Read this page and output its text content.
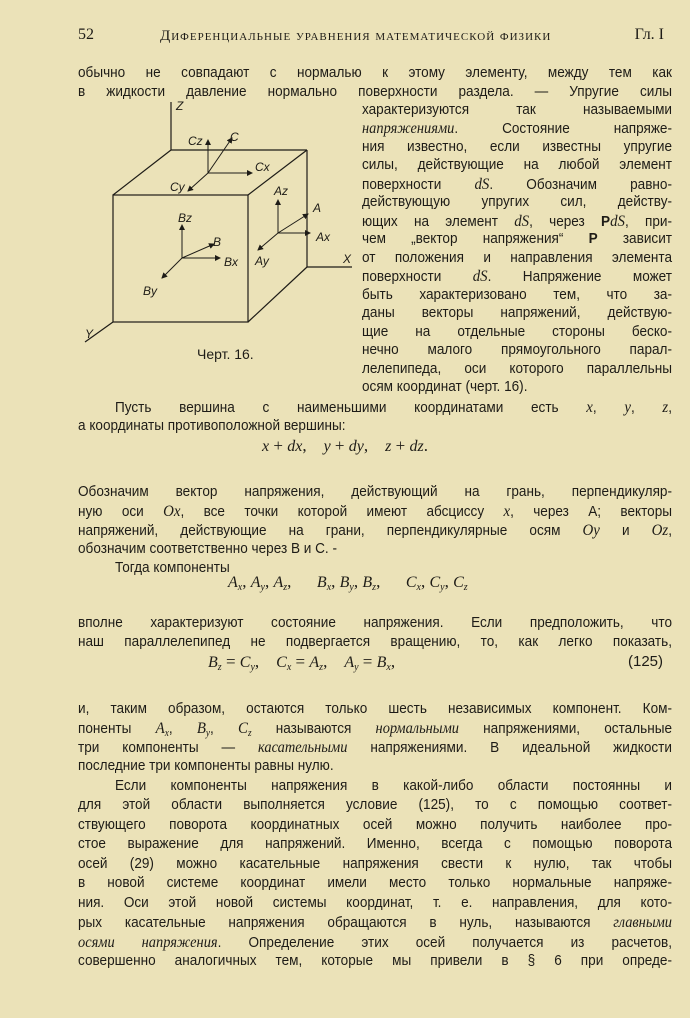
52	Диференциальные уравнения математической физики	Гл. I
Z
X
Y
C
Cz
Cx
Cy	Az
A
Ax
Ay
Bz
B
Bx
By
Черт. 16.
обычно не совпадают с нормалью к этому элементу, между тем как
в жидкости давление нормально поверхности раздела. — Упругие силы
характеризуются так называемыми
напряжениями. Состояние напряже-
ния известно, если известны упругие
силы, действующие на любой элемент
поверхности dS. Обозначим равно-
действующую упругих сил, действу-
ющих на элемент dS, через PdS, при-
чем „вектор напряжения“ P зависит
от положения и направления элемента
поверхности dS. Напряжение может
быть характеризовано тем, что за-
даны векторы напряжений, действую-
щие на отдельные стороны беско-
нечно малого прямоугольного парал-
лелепипеда, оси которого параллельны
осям координат (черт. 16).
Пусть вершина с наименьшими координатами есть x, y, z,
а координаты противоположной вершины:
Обозначим вектор напряжения, действующий на грань, перпендикуляр-
ную оси Ox, все точки которой имеют абсциссу x, через A; векторы
напряжений, действующие на грани, перпендикулярные осям Oy и Oz,
обозначим соответственно через B и C. -
Тогда компоненты
вполне характеризуют состояние напряжения. Если предположить, что
наш параллелепипед не подвергается вращению, то, как легко показать,
и, таким образом, остаются только шесть независимых компонент. Ком-
поненты $A_x$, $B_y$, $C_z$ называются нормальными напряжениями, остальные
три компоненты — касательными напряжениями. В идеальной жидкости
последние три компоненты равны нулю.
Если компоненты напряжения в какой-либо области постоянны и
для этой области выполняется условие (125), то с помощью соответ-
ствующего поворота координатных осей можно получить наиболее про-
стое выражение для напряжений. Именно, всегда с помощью поворота
осей (29) можно касательные напряжения свести к нулю, так чтобы
в новой системе координат имели место только нормальные напряже-
ния. Оси этой новой системы координат, т. е. направления, для кото-
рых касательные напряжения обращаются в нуль, называются главными
осями напряжения. Определение этих осей получается из расчетов,
совершенно аналогичных тем, которые мы привели в § 6 при опреде-
x + dx,    y + dy,    z + dz.
$A_x$, $A_y$, $A_z$,      $B_x$, $B_y$, $B_z$,      $C_x$, $C_y$, $C_z$
$B_z = C_y$,    $C_x = A_z$,    $A_y = B_x$,	(125)
